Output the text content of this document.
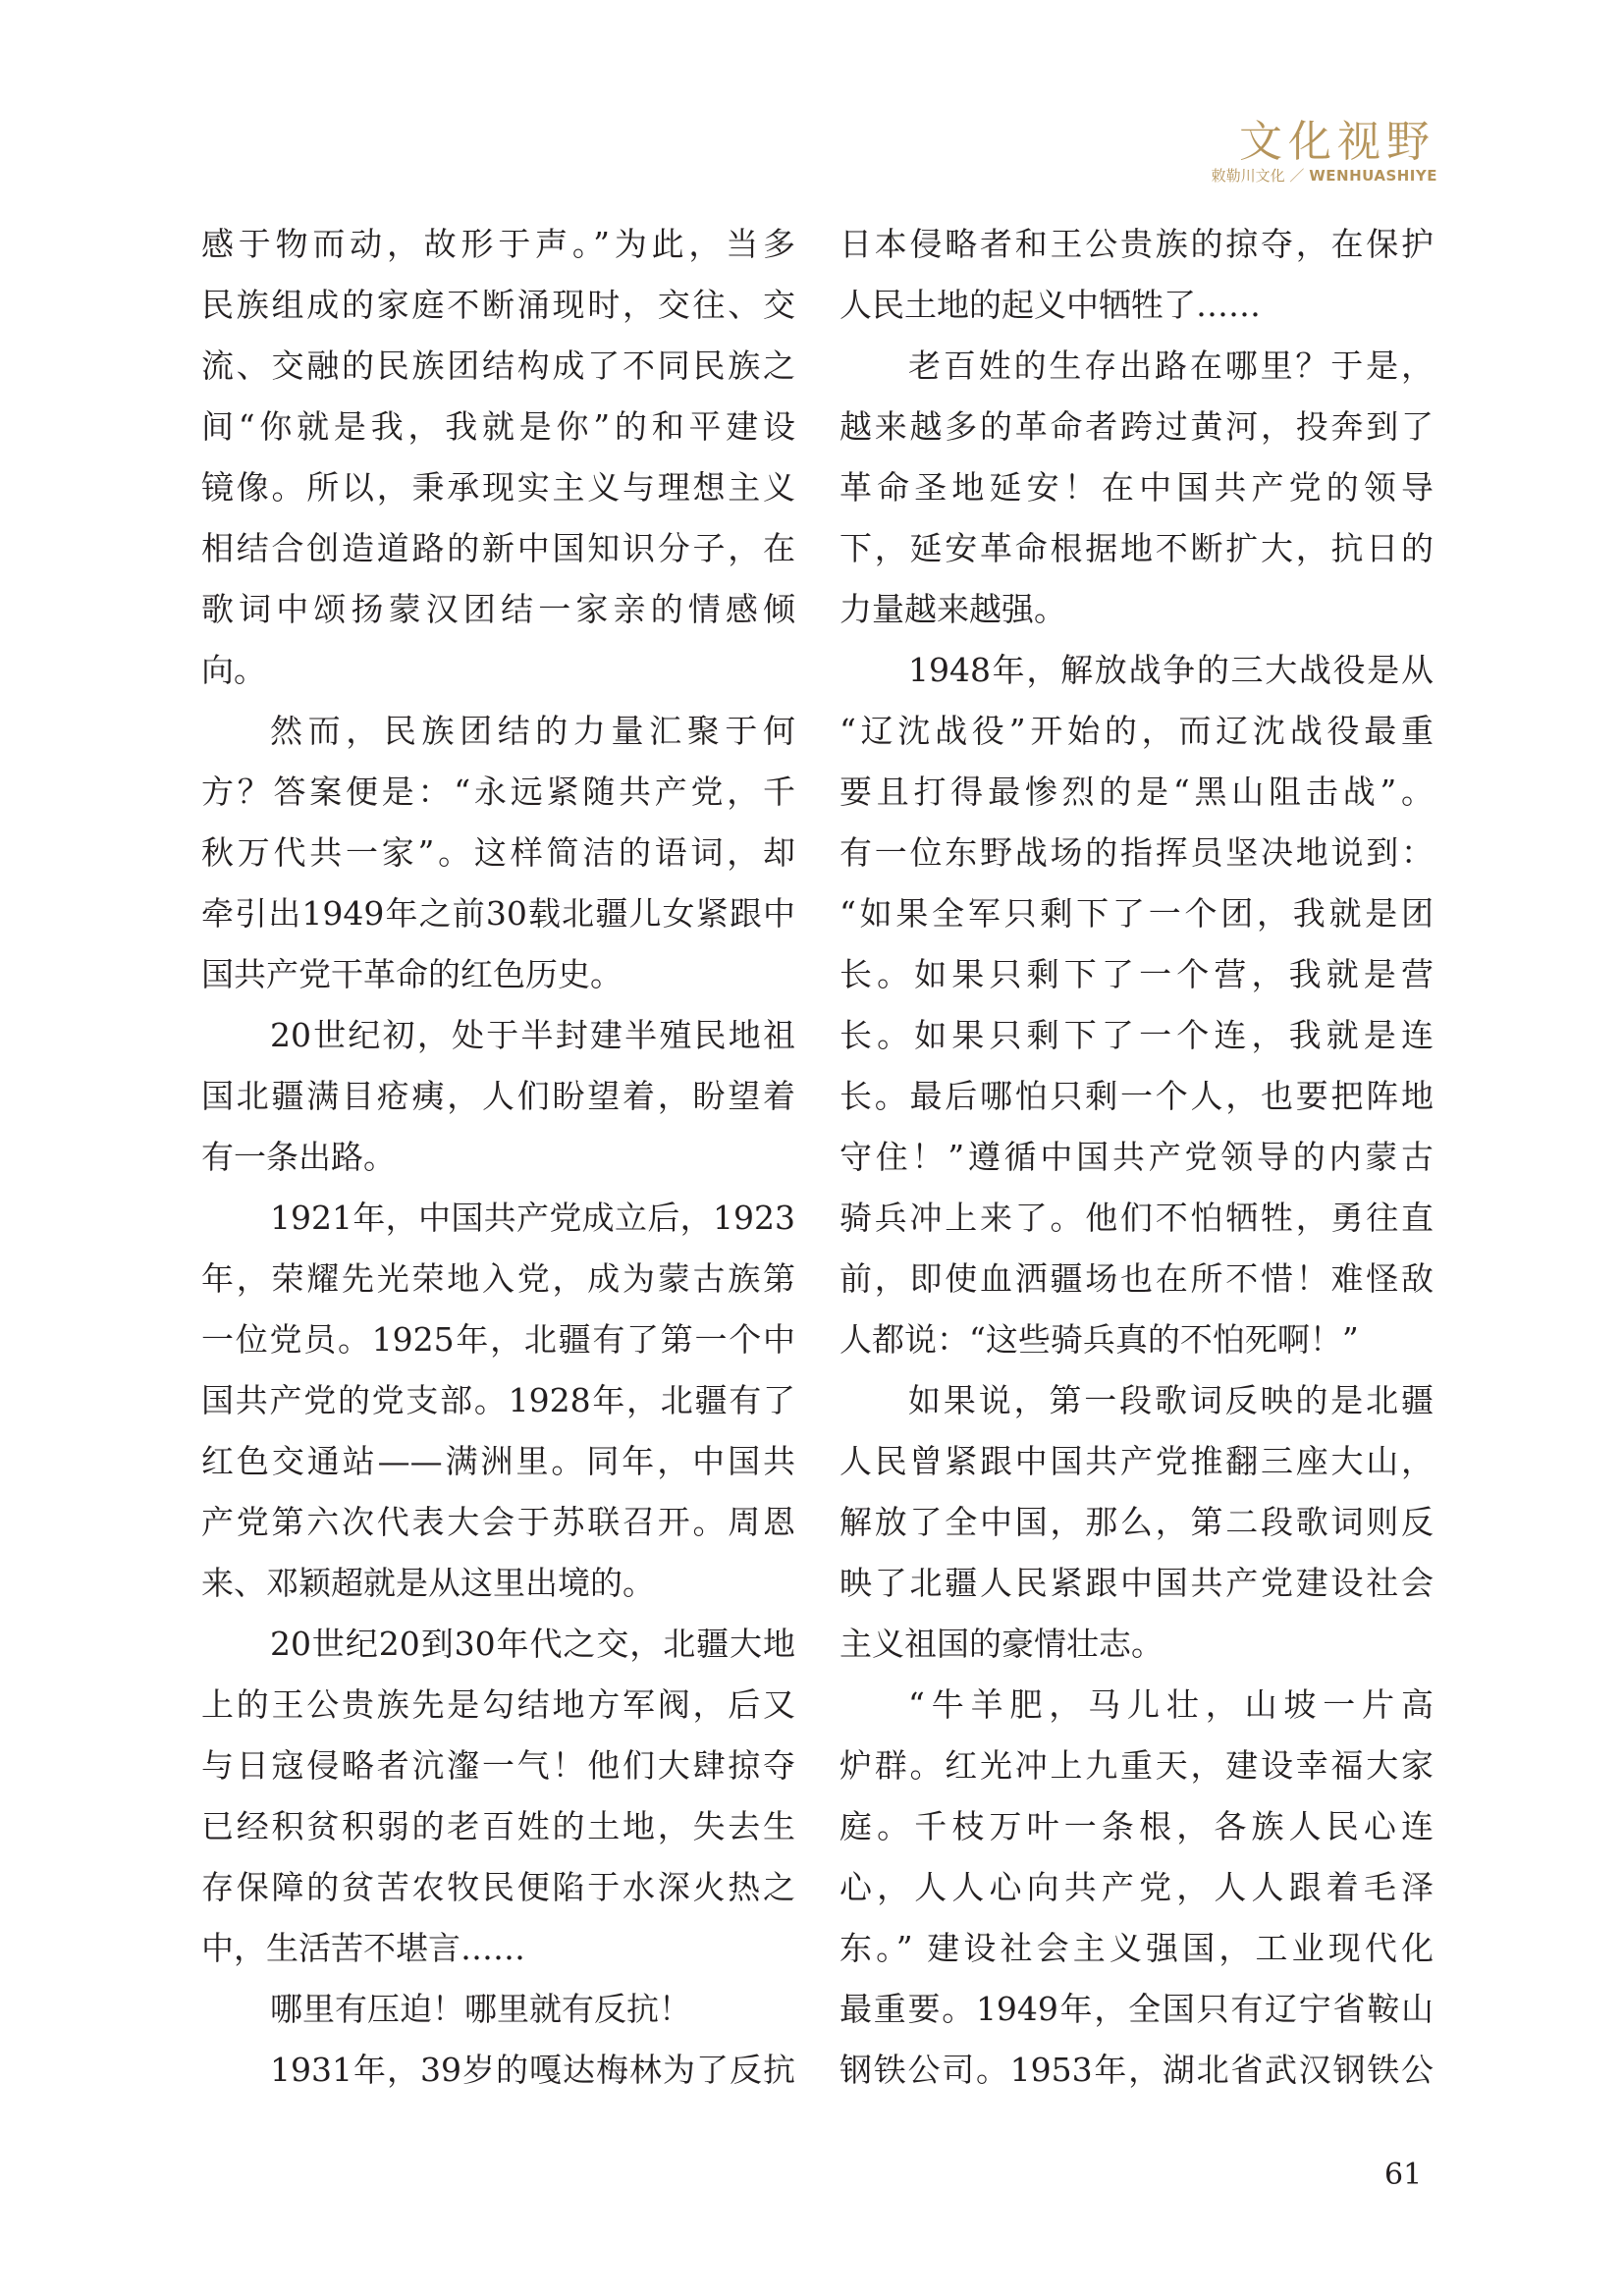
文化视野
敕勒川文化 ／ WENHUASHIYE
感于物而动，故形于声。”为此，当多
民族组成的家庭不断涌现时，交往、交
流、交融的民族团结构成了不同民族之
间“你就是我，我就是你”的和平建设
镜像。所以，秉承现实主义与理想主义
相结合创造道路的新中国知识分子，在
歌词中颂扬蒙汉团结一家亲的情感倾
向。
然而，民族团结的力量汇聚于何
方？答案便是：“永远紧随共产党，千
秋万代共一家”。这样简洁的语词，却
牵引出1949年之前30载北疆儿女紧跟中
国共产党干革命的红色历史。
20世纪初，处于半封建半殖民地祖
国北疆满目疮痍，人们盼望着，盼望着
有一条出路。
1921年，中国共产党成立后，1923
年，荣耀先光荣地入党，成为蒙古族第
一位党员。1925年，北疆有了第一个中
国共产党的党支部。1928年，北疆有了
红色交通站——满洲里。同年，中国共
产党第六次代表大会于苏联召开。周恩
来、邓颖超就是从这里出境的。
20世纪20到30年代之交，北疆大地
上的王公贵族先是勾结地方军阀，后又
与日寇侵略者沆瀣一气！他们大肆掠夺
已经积贫积弱的老百姓的土地，失去生
存保障的贫苦农牧民便陷于水深火热之
中，生活苦不堪言……
哪里有压迫！哪里就有反抗！
1931年，39岁的嘎达梅林为了反抗
日本侵略者和王公贵族的掠夺，在保护
人民土地的起义中牺牲了……
老百姓的生存出路在哪里？于是，
越来越多的革命者跨过黄河，投奔到了
革命圣地延安！在中国共产党的领导
下，延安革命根据地不断扩大，抗日的
力量越来越强。
1948年，解放战争的三大战役是从
“辽沈战役”开始的，而辽沈战役最重
要且打得最惨烈的是“黑山阻击战”。
有一位东野战场的指挥员坚决地说到：
“如果全军只剩下了一个团，我就是团
长。如果只剩下了一个营，我就是营
长。如果只剩下了一个连，我就是连
长。最后哪怕只剩一个人，也要把阵地
守住！”遵循中国共产党领导的内蒙古
骑兵冲上来了。他们不怕牺牲，勇往直
前，即使血洒疆场也在所不惜！难怪敌
人都说：“这些骑兵真的不怕死啊！”
如果说，第一段歌词反映的是北疆
人民曾紧跟中国共产党推翻三座大山，
解放了全中国，那么，第二段歌词则反
映了北疆人民紧跟中国共产党建设社会
主义祖国的豪情壮志。
“牛羊肥，马儿壮，山坡一片高
炉群。红光冲上九重天，建设幸福大家
庭。千枝万叶一条根，各族人民心连
心，人人心向共产党，人人跟着毛泽
东。” 建设社会主义强国，工业现代化
最重要。1949年，全国只有辽宁省鞍山
钢铁公司。1953年，湖北省武汉钢铁公
61
